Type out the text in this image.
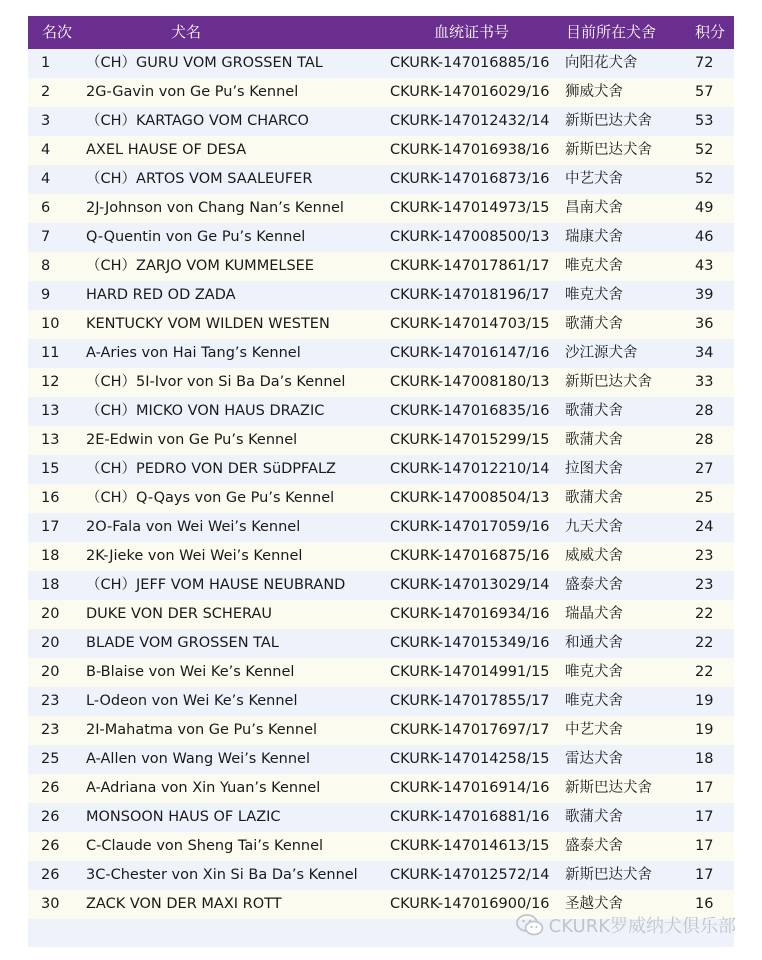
名次	犬名	血统证书号	目前所在犬舍	积分
1 （CH）GURU VOM GROSSEN TAL	CKURK-147016885/16 向阳花犬舍	72
2 2G-Gavin von Ge Pu’s Kennel	CKURK-147016029/16 狮威犬舍	57
3 （CH）KARTAGO VOM CHARCO	CKURK-147012432/14 新斯巴达犬舍	53
4 AXEL HAUSE OF DESA	CKURK-147016938/16 新斯巴达犬舍	52
4 （CH）ARTOS VOM SAALEUFER	CKURK-147016873/16 中艺犬舍	52
6 2J-Johnson von Chang Nan’s Kennel	CKURK-147014973/15 昌南犬舍	49
7 Q-Quentin von Ge Pu’s Kennel	CKURK-147008500/13 瑞康犬舍	46
8 （CH）ZARJO VOM KUMMELSEE	CKURK-147017861/17 唯克犬舍	43
9 HARD RED OD ZADA	CKURK-147018196/17 唯克犬舍	39
10 KENTUCKY VOM WILDEN WESTEN	CKURK-147014703/15 歌蒲犬舍	36
11 A-Aries von Hai Tang’s Kennel	CKURK-147016147/16 沙江源犬舍	34
12 （CH）5I-Ivor von Si Ba Da’s Kennel	CKURK-147008180/13 新斯巴达犬舍	33
13 （CH）MICKO VON HAUS DRAZIC	CKURK-147016835/16 歌蒲犬舍	28
13 2E-Edwin von Ge Pu’s Kennel	CKURK-147015299/15 歌蒲犬舍	28
15 （CH）PEDRO VON DER SüDPFALZ	CKURK-147012210/14 拉图犬舍	27
16 （CH）Q-Qays von Ge Pu’s Kennel	CKURK-147008504/13 歌蒲犬舍	25
17 2O-Fala von Wei Wei’s Kennel	CKURK-147017059/16 九天犬舍	24
18 2K-Jieke von Wei Wei’s Kennel	CKURK-147016875/16 威威犬舍	23
18 （CH）JEFF VOM HAUSE NEUBRAND	CKURK-147013029/14 盛泰犬舍	23
20 DUKE VON DER SCHERAU	CKURK-147016934/16 瑞晶犬舍	22
20 BLADE VOM GROSSEN TAL	CKURK-147015349/16 和通犬舍	22
20 B-Blaise von Wei Ke’s Kennel	CKURK-147014991/15 唯克犬舍	22
23 L-Odeon von Wei Ke’s Kennel	CKURK-147017855/17 唯克犬舍	19
23 2I-Mahatma von Ge Pu’s Kennel	CKURK-147017697/17 中艺犬舍	19
25 A-Allen von Wang Wei’s Kennel	CKURK-147014258/15 雷达犬舍	18
26 A-Adriana von Xin Yuan’s Kennel	CKURK-147016914/16 新斯巴达犬舍	17
26 MONSOON HAUS OF LAZIC	CKURK-147016881/16 歌蒲犬舍	17
26 C-Claude von Sheng Tai’s Kennel	CKURK-147014613/15 盛泰犬舍	17
26 3C-Chester von Xin Si Ba Da’s Kennel CKURK-147012572/14 新斯巴达犬舍	17
30 ZACK VON DER MAXI ROTT	CKURK-147016900/16 圣越犬舍	16
CKURK罗威纳犬俱乐部
